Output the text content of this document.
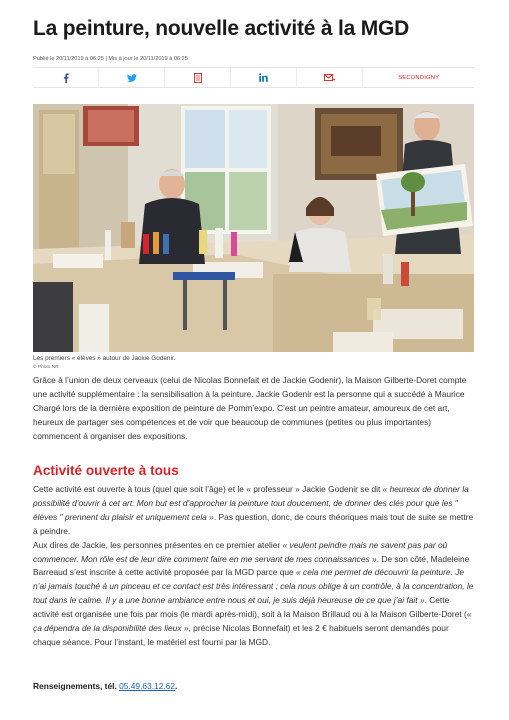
La peinture, nouvelle activité à la MGD
Publié le 20/11/2019 à 06:25 | Mis à jour le 20/11/2019 à 06:25
SECONDIGNY
Les premiers « élèves » autour de Jackie Godenir.
© Photo NR

Grâce à l’union de deux cerveaux (celui de Nicolas Bonnefait et de Jackie Godenir), la Maison Gilberte-Doret compte une activité supplémentaire : la sensibilisation à la peinture. Jackie Godenir est la personne qui a succédé à Maurice Chargé lors de la dernière exposition de peinture de Pomm’expo. C’est un peintre amateur, amoureux de cet art, heureux de partager ses compétences et de voir que beaucoup de communes (petites ou plus importantes) commencent à organiser des expositions.

Activité ouverte à tous
Cette activité est ouverte à tous (quel que soit l’âge) et le « professeur » Jackie Godenir se dit « heureux de donner la possibilité d’ouvrir à cet art. Mon but est d’approcher la peinture tout doucement, de donner des clés pour que les " élèves " prennent du plaisir et uniquement cela ». Pas question, donc, de cours théoriques mais tout de suite se mettre à peindre.
Aux dires de Jackie, les personnes présentes en ce premier atelier « veulent peindre mais ne savent pas par où commencer. Mon rôle est de leur dire comment faire en me servant de mes connaissances ». De son côté, Madeleine Barreaud s’est inscrite à cette activité proposée par la MGD parce que « cela me permet de découvrir la peinture. Je n’ai jamais touché à un pinceau et ce contact est très intéressant ; cela nous oblige à un contrôle, à la concentration, le tout dans le calme. Il y a une bonne ambiance entre nous et oui, je suis déjà heureuse de ce que j’ai fait ». Cette activité est organisée une fois par mois (le mardi après-midi), soit à la Maison Brillaud ou à la Maison Gilberte-Doret (« ça dépendra de la disponibilité des lieux », précise Nicolas Bonnefait) et les 2 € habituels seront demandés pour chaque séance. Pour l’instant, le matériel est fourni par la MGD.
Renseignements, tél. 05.49.63.12.62.
